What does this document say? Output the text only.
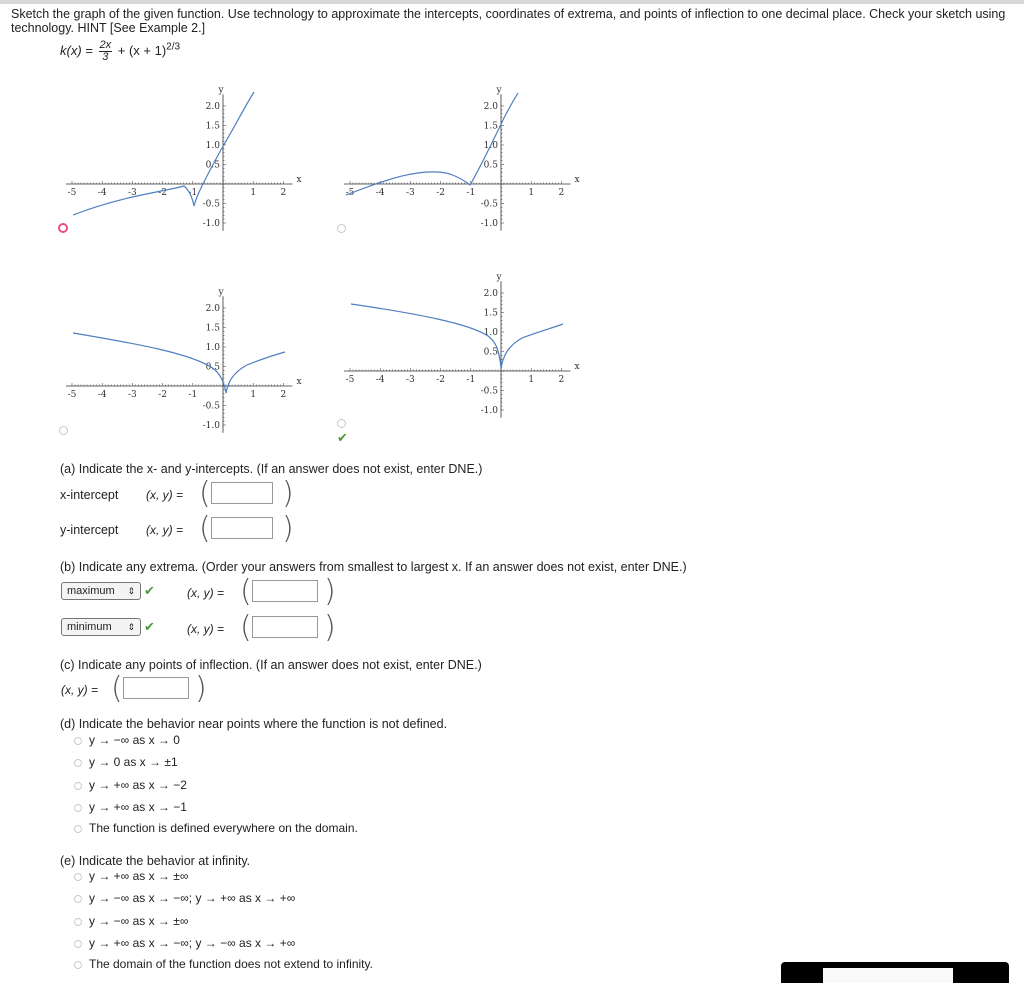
Sketch the graph of the given function. Use technology to approximate the intercepts, coordinates of extrema, and points of inflection to one decimal place. Check your sketch using technology. HINT [See Example 2.]
$k(x) = \frac{2x}{3} + (x + 1)^{2/3}$
-5 -4 -3 -2 -1	1	2
2.0
1.5
1.0
0.5
-0.5
-1.0
x
y
-5 -4 -3 -2 -1	1	2
2.0
1.5
1.0
0.5
-0.5
-1.0
x
y
-5 -4 -3 -2 -1	1	2
2.0
1.5
1.0
0.5
-0.5
-1.0
x
y
-5 -4 -3 -2 -1	1	2
2.0
1.5
1.0
0.5
-0.5
-1.0
x
y
✔
(a) Indicate the x- and y-intercepts. (If an answer does not exist, enter DNE.)
x-intercept (x, y) = ( )
y-intercept (x, y) = ( )
(b) Indicate any extrema. (Order your answers from smallest to largest x. If an answer does not exist, enter DNE.)
maximum ⇕ ✔	(x, y) = ( )
minimum ⇕ ✔	(x, y) = ( )
(c) Indicate any points of inflection. (If an answer does not exist, enter DNE.)
(x, y) = ( )
(d) Indicate the behavior near points where the function is not defined.
y → −∞ as x → 0
y → 0 as x → ±1
y → +∞ as x → −2
y → +∞ as x → −1
The function is defined everywhere on the domain.
(e) Indicate the behavior at infinity.
y → +∞ as x → ±∞
y → −∞ as x → −∞; y → +∞ as x → +∞
y → −∞ as x → ±∞
y → +∞ as x → −∞; y → −∞ as x → +∞
The domain of the function does not extend to infinity.
